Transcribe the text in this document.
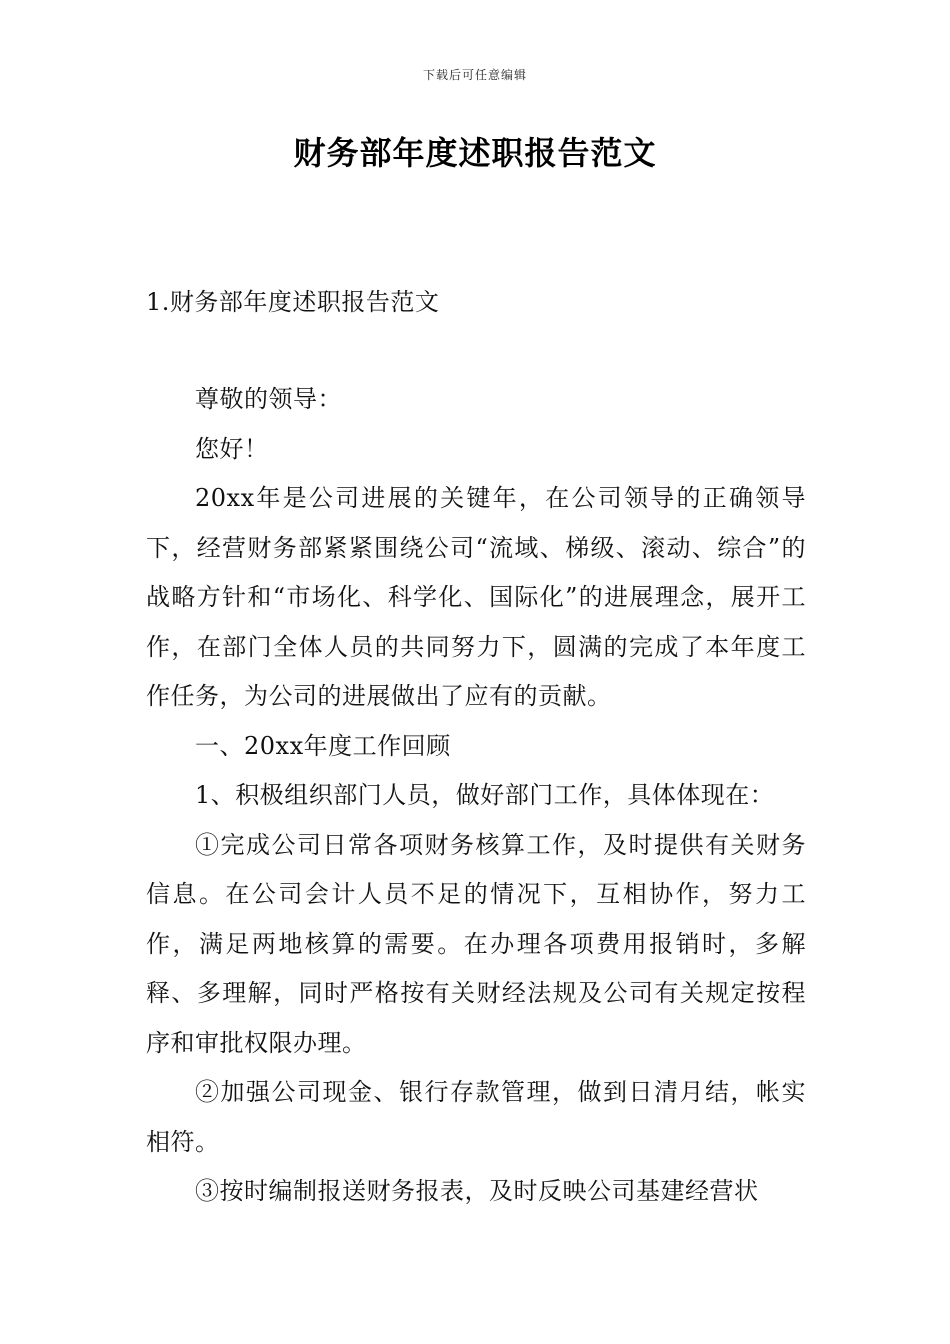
下载后可任意编辑
财务部年度述职报告范文
1.财务部年度述职报告范文

尊敬的领导：

您好！

20xx年是公司进展的关键年，在公司领导的正确领导下，经营财务部紧紧围绕公司“流域、梯级、滚动、综合”的战略方针和“市场化、科学化、国际化”的进展理念，展开工作，在部门全体人员的共同努力下，圆满的完成了本年度工作任务，为公司的进展做出了应有的贡献。

一、20xx年度工作回顾

1、积极组织部门人员，做好部门工作，具体体现在：

①完成公司日常各项财务核算工作，及时提供有关财务信息。在公司会计人员不足的情况下，互相协作，努力工作，满足两地核算的需要。在办理各项费用报销时，多解释、多理解，同时严格按有关财经法规及公司有关规定按程序和审批权限办理。

②加强公司现金、银行存款管理，做到日清月结，帐实相符。

③按时编制报送财务报表，及时反映公司基建经营状
